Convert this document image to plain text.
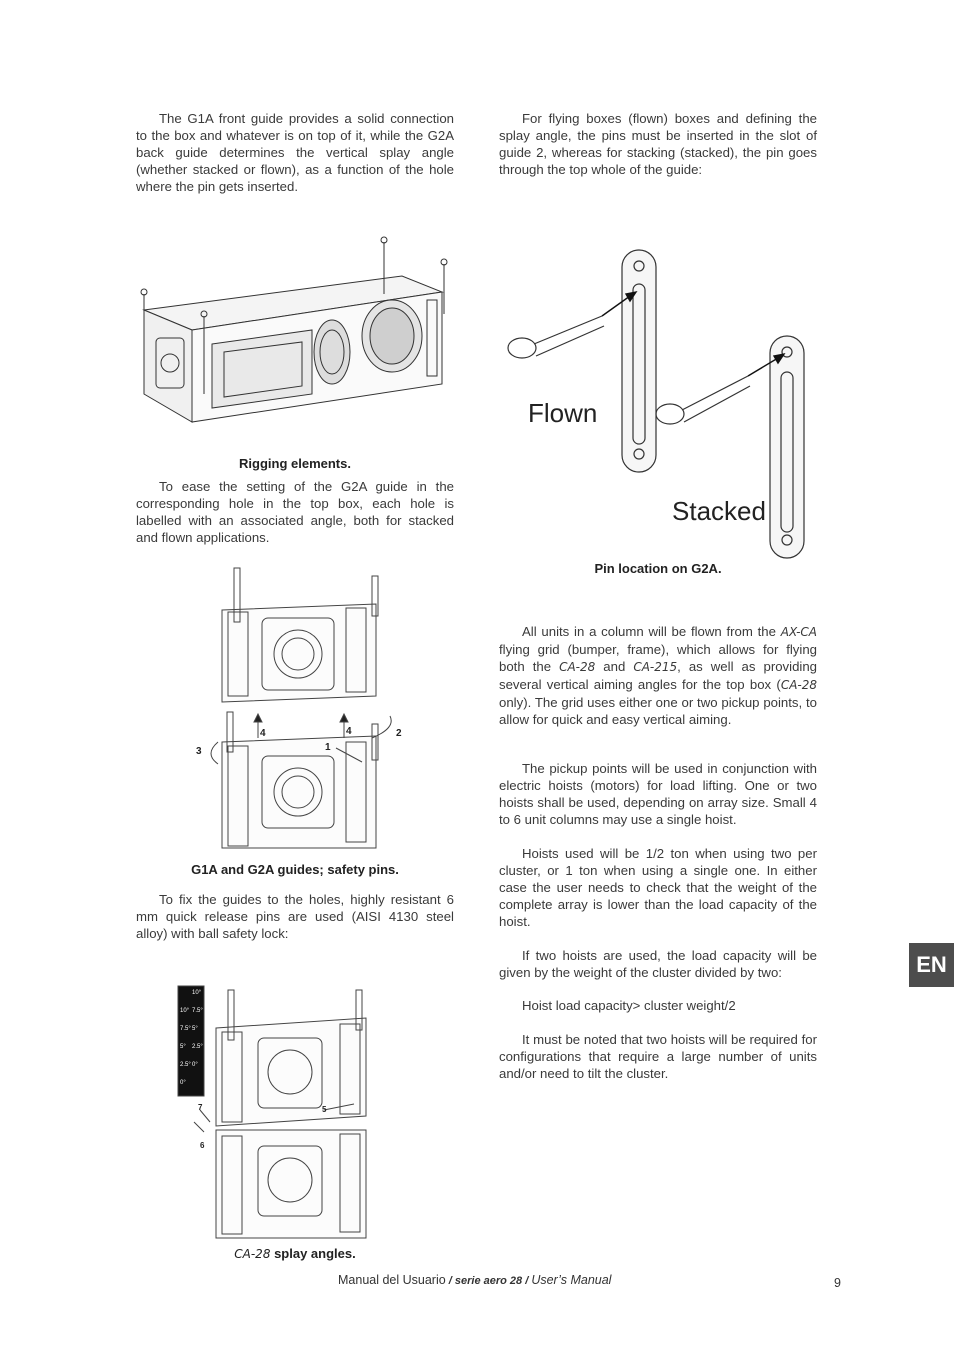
The G1A front guide provides a solid connection to the box and whatever is on top of it, while the G2A back guide determines the vertical splay angle (whether stacked or flown), as a function of the hole where the pin gets inserted.

Rigging elements.

To ease the setting of the G2A guide in the corresponding hole in the top box, each hole is labelled with an associated angle, both for stacked and flown applications.

1
2
3
4	4

G1A and G2A guides; safety pins.

To fix the guides to the holes, highly resistant 6 mm quick release pins are used (AISI 4130 steel alloy) with ball safety lock:

10°
7.5°
5°
2.5°
0°
10°
7.5°
5°
2.5°
0°
5
6
7

CA-28 splay angles.

For flying boxes (flown) boxes and defining the splay angle, the pins must be inserted in the slot of guide 2, whereas for stacking (stacked), the pin goes through the top whole of the guide:

Flown
Stacked

Pin location on G2A.

All units in a column will be flown from the AX-CA flying grid (bumper, frame), which allows for flying both the CA-28 and CA-215, as well as providing several vertical aiming angles for the top box (CA-28 only). The grid uses either one or two pickup points, to allow for quick and easy vertical aiming.

The pickup points will be used in conjunction with electric hoists (motors) for load lifting. One or two hoists shall be used, depending on array size. Small 4 to 6 unit columns may use a single hoist.

Hoists used will be 1/2 ton when using two per cluster, or 1 ton when using a single one. In either case the user needs to check that the weight of the complete array is lower than the load capacity of the hoist.

If two hoists are used, the load capacity will be given by the weight of the cluster divided by two:

Hoist load capacity> cluster weight/2

It must be noted that two hoists will be required for configurations that require a large number of units and/or need to tilt the cluster.

EN
Manual del Usuario / serie aero 28 / User’s Manual	9
